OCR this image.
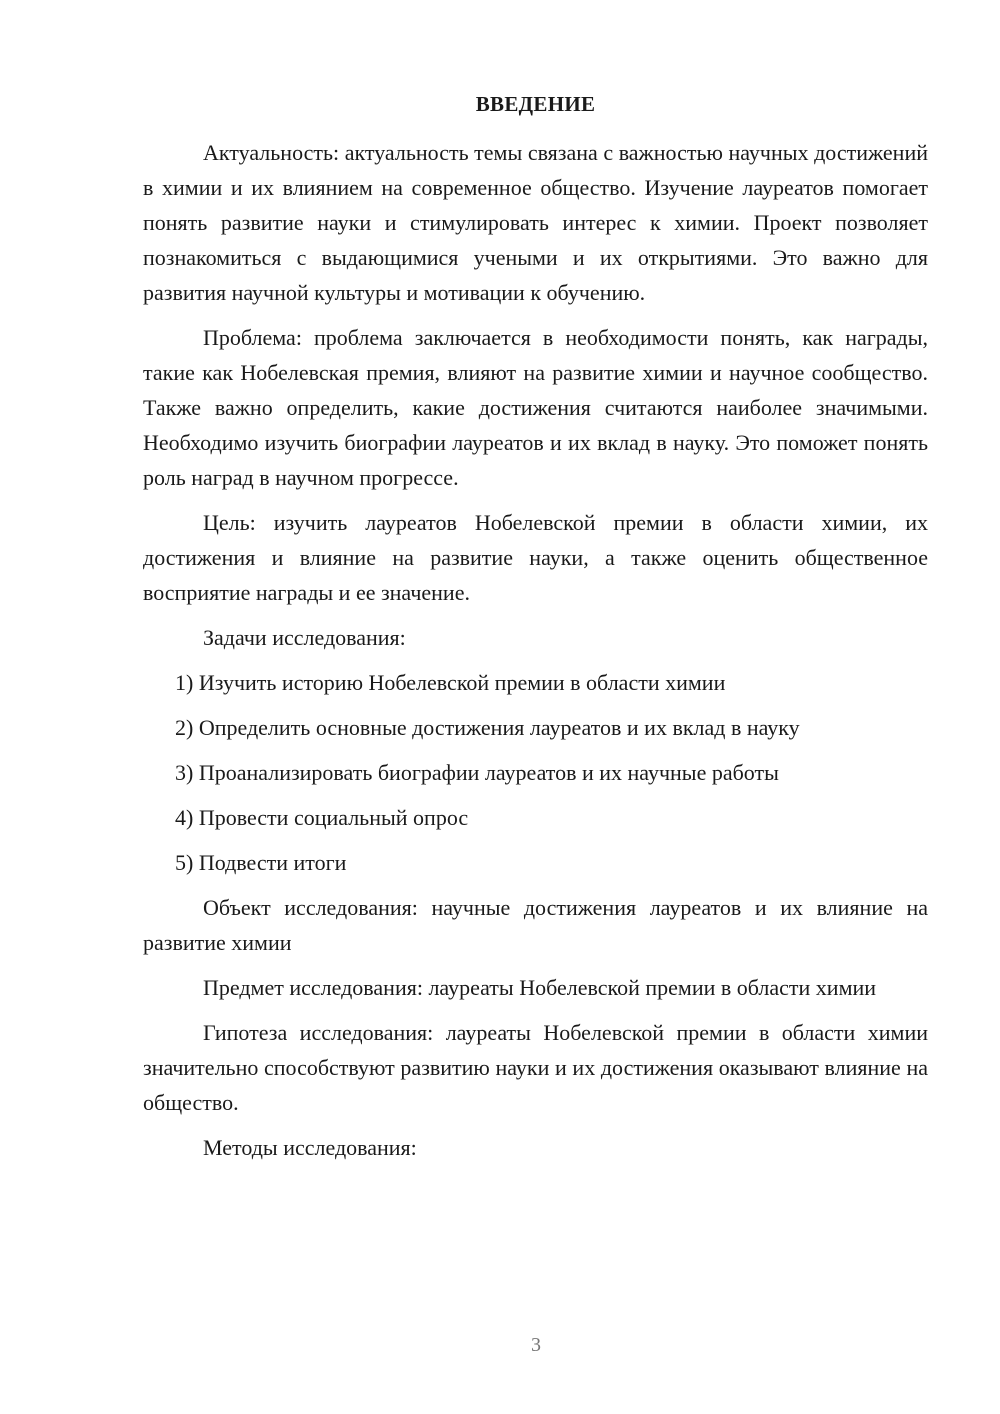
ВВЕДЕНИЕ

Актуальность: актуальность темы связана с важностью научных достижений в химии и их влиянием на современное общество. Изучение лауреатов помогает понять развитие науки и стимулировать интерес к химии. Проект позволяет познакомиться с выдающимися учеными и их открытиями. Это важно для развития научной культуры и мотивации к обучению.

Проблема: проблема заключается в необходимости понять, как награды, такие как Нобелевская премия, влияют на развитие химии и научное сообщество. Также важно определить, какие достижения считаются наиболее значимыми. Необходимо изучить биографии лауреатов и их вклад в науку. Это поможет понять роль наград в научном прогрессе.

Цель: изучить лауреатов Нобелевской премии в области химии, их достижения и влияние на развитие науки, а также оценить общественное восприятие награды и ее значение.

Задачи исследования:

1) Изучить историю Нобелевской премии в области химии
2) Определить основные достижения лауреатов и их вклад в науку
3) Проанализировать биографии лауреатов и их научные работы
4) Провести социальный опрос
5) Подвести итоги

Объект исследования: научные достижения лауреатов и их влияние на развитие химии

Предмет исследования: лауреаты Нобелевской премии в области химии

Гипотеза исследования: лауреаты Нобелевской премии в области химии значительно способствуют развитию науки и их достижения оказывают влияние на общество.

Методы исследования:

3
